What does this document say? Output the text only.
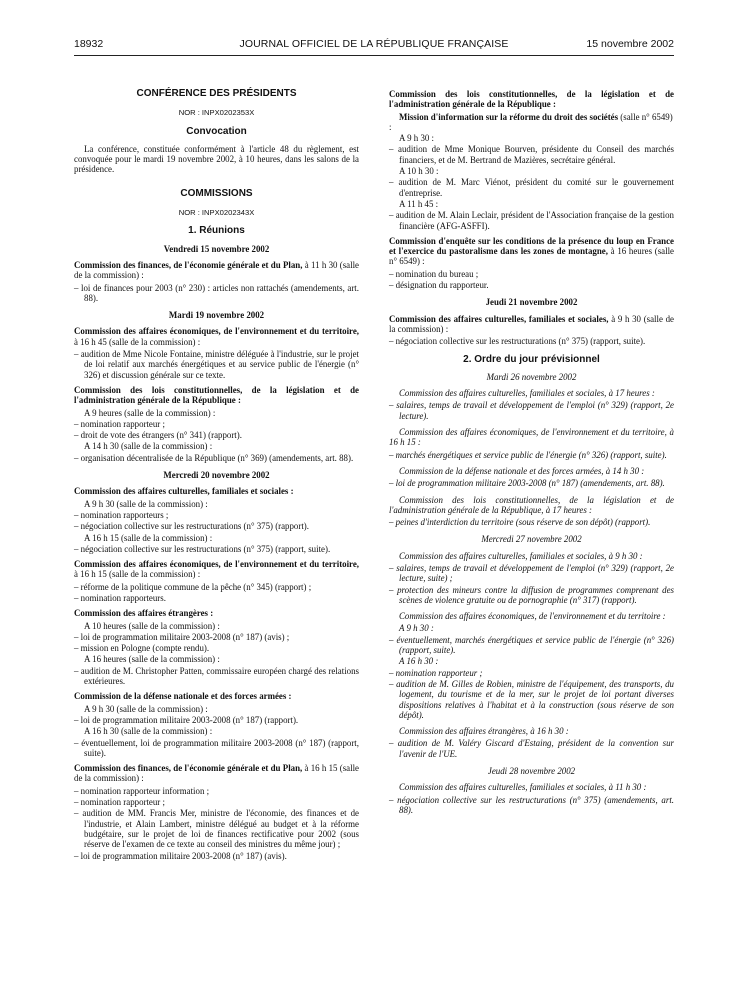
18932	JOURNAL OFFICIEL DE LA RÉPUBLIQUE FRANÇAISE	15 novembre 2002
CONFÉRENCE DES PRÉSIDENTS
NOR : INPX0202353X
Convocation
La conférence, constituée conformément à l'article 48 du règlement, est convoquée pour le mardi 19 novembre 2002, à 10 heures, dans les salons de la présidence.
COMMISSIONS
NOR : INPX0202343X
1. Réunions
Vendredi 15 novembre 2002
Commission des finances, de l'économie générale et du Plan, à 11 h 30 (salle de la commission) :
– loi de finances pour 2003 (n° 230) : articles non rattachés (amendements, art. 88).
Mardi 19 novembre 2002
Commission des affaires économiques, de l'environnement et du territoire, à 16 h 45 (salle de la commission) :
– audition de Mme Nicole Fontaine, ministre déléguée à l'industrie, sur le projet de loi relatif aux marchés énergétiques et au service public de l'énergie (n° 326) et discussion générale sur ce texte.
Commission des lois constitutionnelles, de la législation et de l'administration générale de la République :
A 9 heures (salle de la commission) :
– nomination rapporteur ;
– droit de vote des étrangers (n° 341) (rapport).
A 14 h 30 (salle de la commission) :
– organisation décentralisée de la République (n° 369) (amendements, art. 88).
Mercredi 20 novembre 2002
Commission des affaires culturelles, familiales et sociales :
A 9 h 30 (salle de la commission) :
– nomination rapporteurs ;
– négociation collective sur les restructurations (n° 375) (rapport).
A 16 h 15 (salle de la commission) :
– négociation collective sur les restructurations (n° 375) (rapport, suite).
Commission des affaires économiques, de l'environnement et du territoire, à 16 h 15 (salle de la commission) :
– réforme de la politique commune de la pêche (n° 345) (rapport) ;
– nomination rapporteurs.
Commission des affaires étrangères :
A 10 heures (salle de la commission) :
– loi de programmation militaire 2003-2008 (n° 187) (avis) ;
– mission en Pologne (compte rendu).
A 16 heures (salle de la commission) :
– audition de M. Christopher Patten, commissaire européen chargé des relations extérieures.
Commission de la défense nationale et des forces armées :
A 9 h 30 (salle de la commission) :
– loi de programmation militaire 2003-2008 (n° 187) (rapport).
A 16 h 30 (salle de la commission) :
– éventuellement, loi de programmation militaire 2003-2008 (n° 187) (rapport, suite).
Commission des finances, de l'économie générale et du Plan, à 16 h 15 (salle de la commission) :
– nomination rapporteur information ;
– nomination rapporteur ;
– audition de MM. Francis Mer, ministre de l'économie, des finances et de l'industrie, et Alain Lambert, ministre délégué au budget et à la réforme budgétaire, sur le projet de loi de finances rectificative pour 2002 (sous réserve de l'examen de ce texte au conseil des ministres du même jour) ;
– loi de programmation militaire 2003-2008 (n° 187) (avis).
Commission des lois constitutionnelles, de la législation et de l'administration générale de la République :
Mission d'information sur la réforme du droit des sociétés (salle n° 6549) :
A 9 h 30 :
– audition de Mme Monique Bourven, présidente du Conseil des marchés financiers, et de M. Bertrand de Mazières, secrétaire général.
A 10 h 30 :
– audition de M. Marc Viénot, président du comité sur le gouvernement d'entreprise.
A 11 h 45 :
– audition de M. Alain Leclair, président de l'Association française de la gestion financière (AFG-ASFFI).
Commission d'enquête sur les conditions de la présence du loup en France et l'exercice du pastoralisme dans les zones de montagne, à 16 heures (salle n° 6549) :
– nomination du bureau ;
– désignation du rapporteur.
Jeudi 21 novembre 2002
Commission des affaires culturelles, familiales et sociales, à 9 h 30 (salle de la commission) :
– négociation collective sur les restructurations (n° 375) (rapport, suite).
2. Ordre du jour prévisionnel
Mardi 26 novembre 2002
Commission des affaires culturelles, familiales et sociales, à 17 heures :
– salaires, temps de travail et développement de l'emploi (n° 329) (rapport, 2e lecture).
Commission des affaires économiques, de l'environnement et du territoire, à 16 h 15 :
– marchés énergétiques et service public de l'énergie (n° 326) (rapport, suite).
Commission de la défense nationale et des forces armées, à 14 h 30 :
– loi de programmation militaire 2003-2008 (n° 187) (amendements, art. 88).
Commission des lois constitutionnelles, de la législation et de l'administration générale de la République, à 17 heures :
– peines d'interdiction du territoire (sous réserve de son dépôt) (rapport).
Mercredi 27 novembre 2002
Commission des affaires culturelles, familiales et sociales, à 9 h 30 :
– salaires, temps de travail et développement de l'emploi (n° 329) (rapport, 2e lecture, suite) ;
– protection des mineurs contre la diffusion de programmes comprenant des scènes de violence gratuite ou de pornographie (n° 317) (rapport).
Commission des affaires économiques, de l'environnement et du territoire :
A 9 h 30 :
– éventuellement, marchés énergétiques et service public de l'énergie (n° 326) (rapport, suite).
A 16 h 30 :
– nomination rapporteur ;
– audition de M. Gilles de Robien, ministre de l'équipement, des transports, du logement, du tourisme et de la mer, sur le projet de loi portant diverses dispositions relatives à l'habitat et à la construction (sous réserve de son dépôt).
Commission des affaires étrangères, à 16 h 30 :
– audition de M. Valéry Giscard d'Estaing, président de la convention sur l'avenir de l'UE.
Jeudi 28 novembre 2002
Commission des affaires culturelles, familiales et sociales, à 11 h 30 :
– négociation collective sur les restructurations (n° 375) (amendements, art. 88).
